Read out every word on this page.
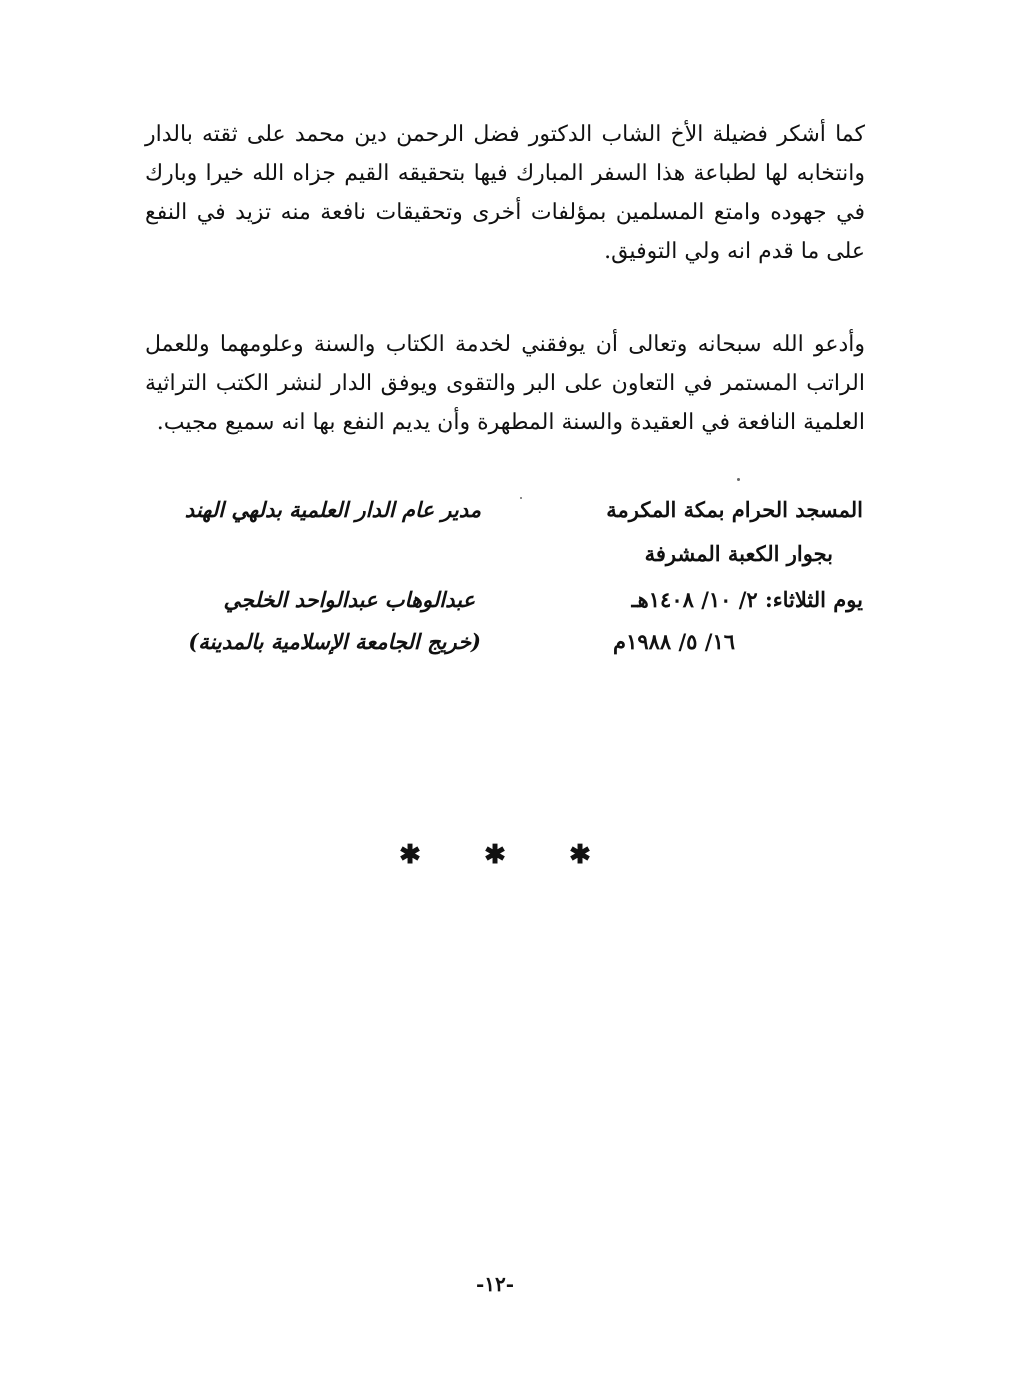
كما أشكر فضيلة الأخ الشاب الدكتور فضل الرحمن دين محمد على ثقته بالدار وانتخابه لها لطباعة هذا السفر المبارك فيها بتحقيقه القيم جزاه الله خيرا وبارك في جهوده وامتع المسلمين بمؤلفات أخرى وتحقيقات نافعة منه تزيد في النفع على ما قدم انه ولي التوفيق.

وأدعو الله سبحانه وتعالى أن يوفقني لخدمة الكتاب والسنة وعلومهما وللعمل الراتب المستمر في التعاون على البر والتقوى ويوفق الدار لنشر الكتب التراثية العلمية النافعة في العقيدة والسنة المطهرة وأن يديم النفع بها انه سميع مجيب.

المسجد الحرام بمكة المكرمة
بجوار الكعبة المشرفة
يوم الثلاثاء: ٢/ ١٠/ ١٤٠٨هـ
١٦/ ٥/ ١٩٨٨م
مدير عام الدار العلمية بدلهي الهند
عبدالوهاب عبدالواحد الخلجي
(خريج الجامعة الإسلامية بالمدينة)
✱ ✱ ✱
-١٢-
